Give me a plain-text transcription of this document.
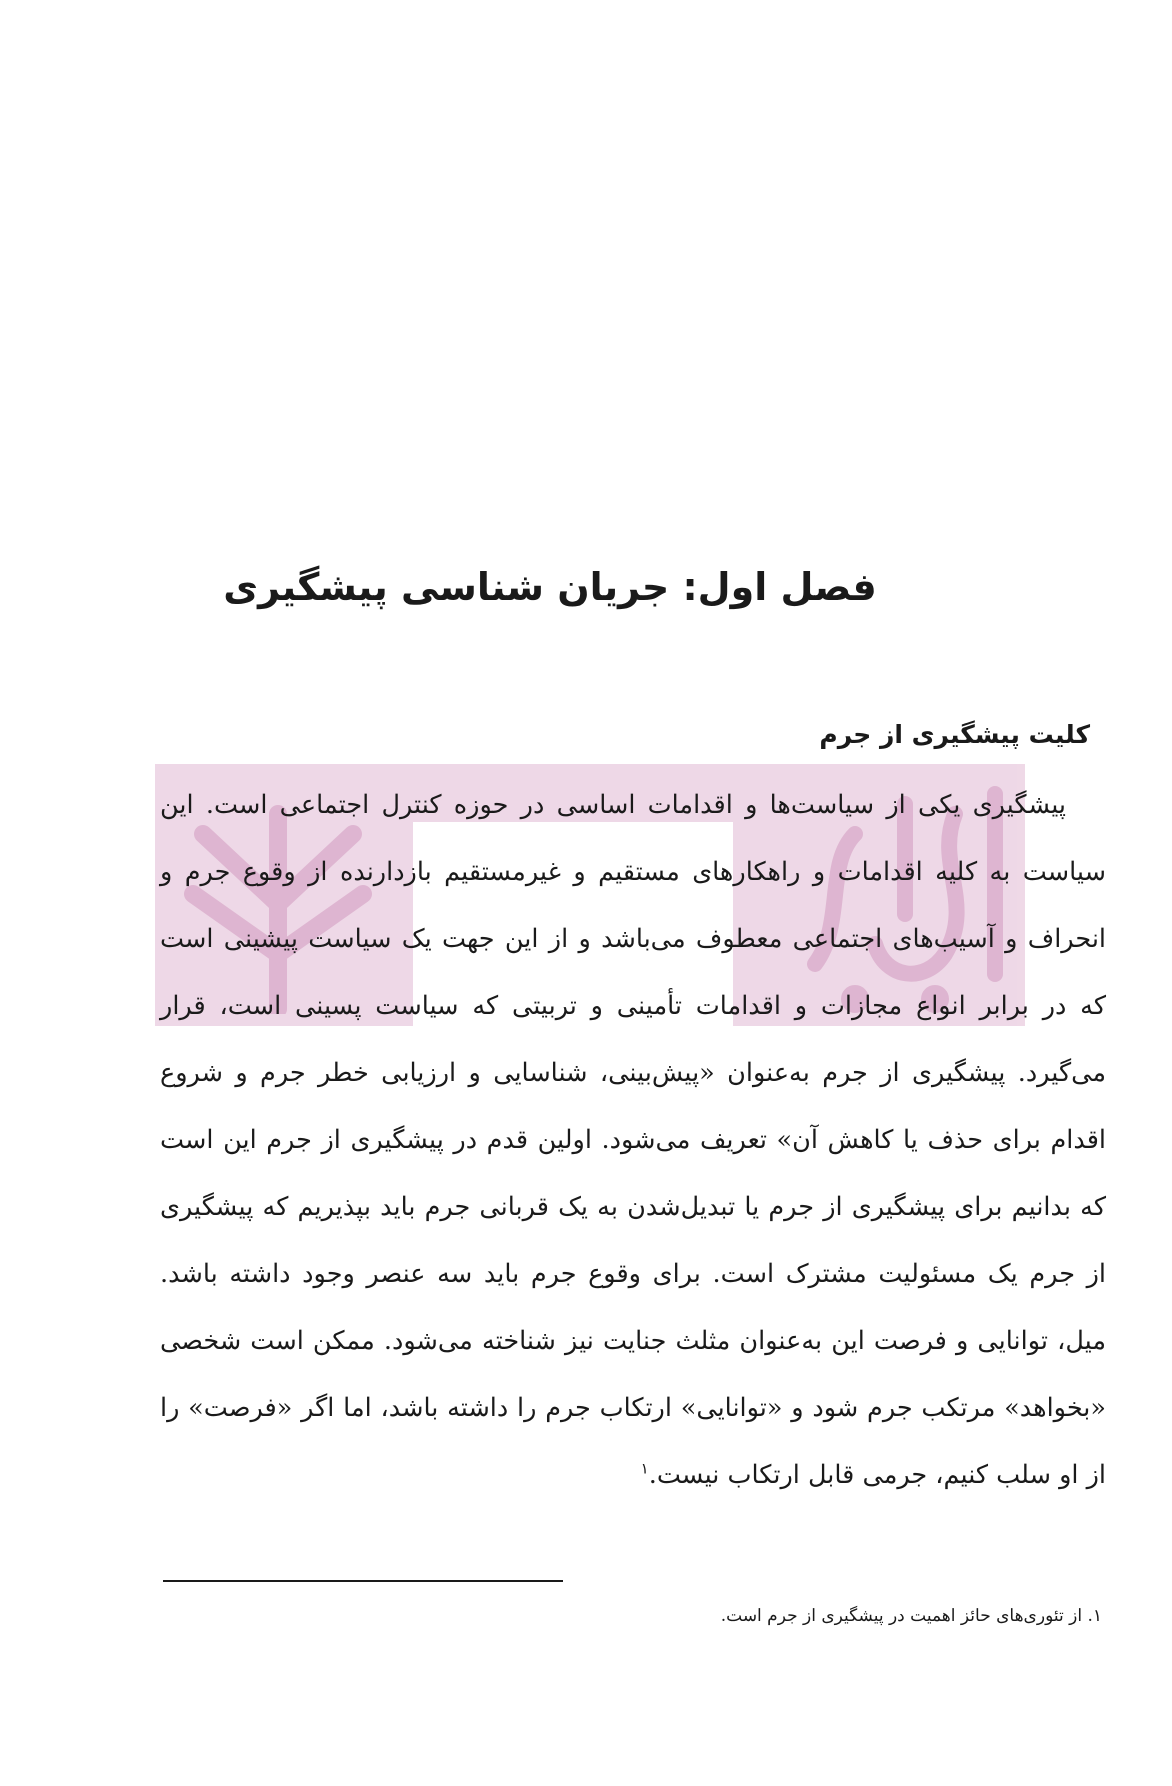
فصل اول: جریان شناسی پیشگیری
کلیت پیشگیری از جرم

پیشگیری یکی از سیاست‌ها و اقدامات اساسی در حوزه کنترل اجتماعی است. این سیاست به کلیه اقدامات و راهکارهای مستقیم و غیرمستقیم بازدارنده از وقوع جرم و انحراف و آسیب‌های اجتماعی معطوف می‌باشد و از این جهت یک سیاست پیشینی است که در برابر انواع مجازات و اقدامات تأمینی و تربیتی که سیاست پسینی است، قرار می‌گیرد. پیشگیری از جرم به‌عنوان «پیش‌بینی، شناسایی و ارزیابی خطر جرم و شروع اقدام برای حذف یا کاهش آن» تعریف می‌شود. اولین قدم در پیشگیری از جرم این است که بدانیم برای پیشگیری از جرم یا تبدیل‌شدن به یک قربانی جرم باید بپذیریم که پیشگیری از جرم یک مسئولیت مشترک است. برای وقوع جرم باید سه عنصر وجود داشته باشد. میل، توانایی و فرصت این به‌عنوان مثلث جنایت نیز شناخته می‌شود. ممکن است شخصی «بخواهد» مرتکب جرم شود و «توانایی» ارتکاب جرم را داشته باشد، اما اگر «فرصت» را از او سلب کنیم، جرمی قابل ارتکاب نیست.$^۱$

۱. از تئوری‌های حائز اهمیت در پیشگیری از جرم است.
